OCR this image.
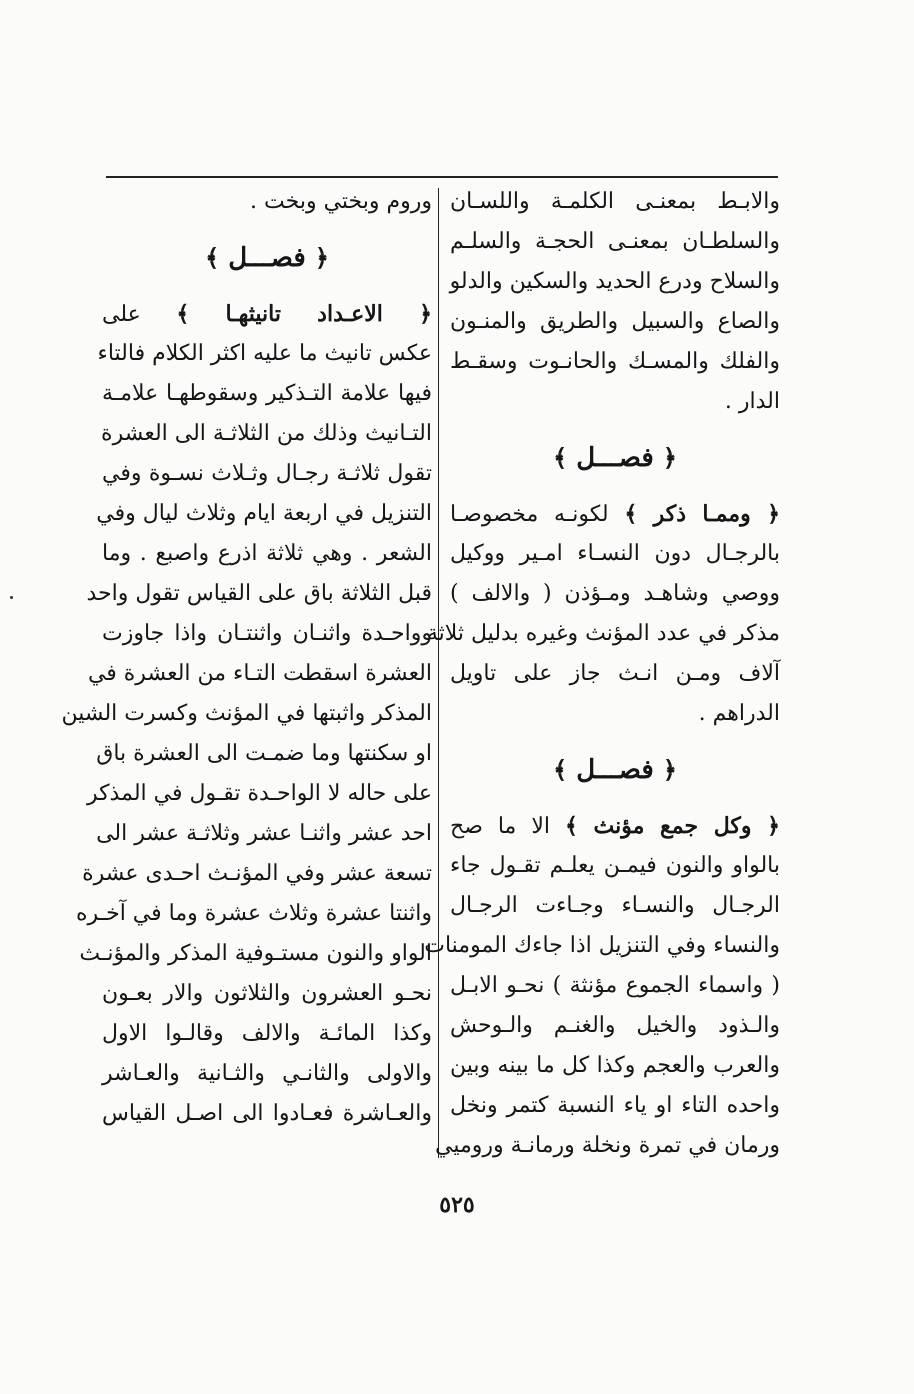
والابـط بمعنـى الكلمـة واللسـان
والسلطـان بمعنـى الحجـة والسلـم
والسلاح ودرع الحديد والسكين والدلو
والصاع والسبيل والطريق والمنـون
والفلك والمسـك والحانـوت وسقـط
الدار .
﴿ فصـــل ﴾
﴿ وممـا ذكر ﴾ لكونـه مخصوصـا
بالرجـال دون النسـاء امـير ووكيل
ووصي وشاهـد ومـؤذن ( والالف )
مذكر في عدد المؤنث وغيره بدليل ثلاثة
آلاف ومـن انـث جاز على تاويل
الدراهم .
﴿ فصـــل ﴾
﴿ وكل جمع مؤنث ﴾ الا ما صح
بالواو والنون فيمـن يعلـم تقـول جاء
الرجـال والنسـاء وجـاءت الرجـال
والنساء وفي التنزيل اذا جاءك المومنات
( واسماء الجموع مؤنثة ) نحـو الابـل
والـذود والخيل والغنـم والـوحش
والعرب والعجم وكذا كل ما بينه وبين
واحده التاء او ياء النسبة كتمر ونخل
ورمان في تمرة ونخلة ورمانـة وروميي
وروم وبختي وبخت .
﴿ فصـــل ﴾
﴿ الاعـداد تانيثهـا ﴾ على
عكس تانيث ما عليه اكثر الكلام فالتاء
فيها علامة التـذكير وسقوطهـا علامـة
التـانيث وذلك من الثلاثـة الى العشرة
تقول ثلاثـة رجـال وثـلاث نسـوة وفي
التنزيل في اربعة ايام وثلاث ليال وفي
الشعر . وهي ثلاثة اذرع واصبع . وما
قبل الثلاثة باق على القياس تقول واحد
وواحـدة واثنـان واثنتـان واذا جاوزت
العشرة اسقطت التـاء من العشرة في
المذكر واثبتها في المؤنث وكسرت الشين
او سكنتها وما ضمـت الى العشرة باق
على حاله لا الواحـدة تقـول في المذكر
احد عشر واثنـا عشر وثلاثـة عشر الى
تسعة عشر وفي المؤنـث احـدى عشرة
واثنتا عشرة وثلاث عشرة وما في آخـره
الواو والنون مستـوفية المذكر والمؤنـث
نحـو العشرون والثلاثون والار بعـون
وكذا المائـة والالف وقالـوا الاول
والاولى والثانـي والثـانية والعـاشر
والعـاشرة فعـادوا الى اصـل القياس
٥٢٥
